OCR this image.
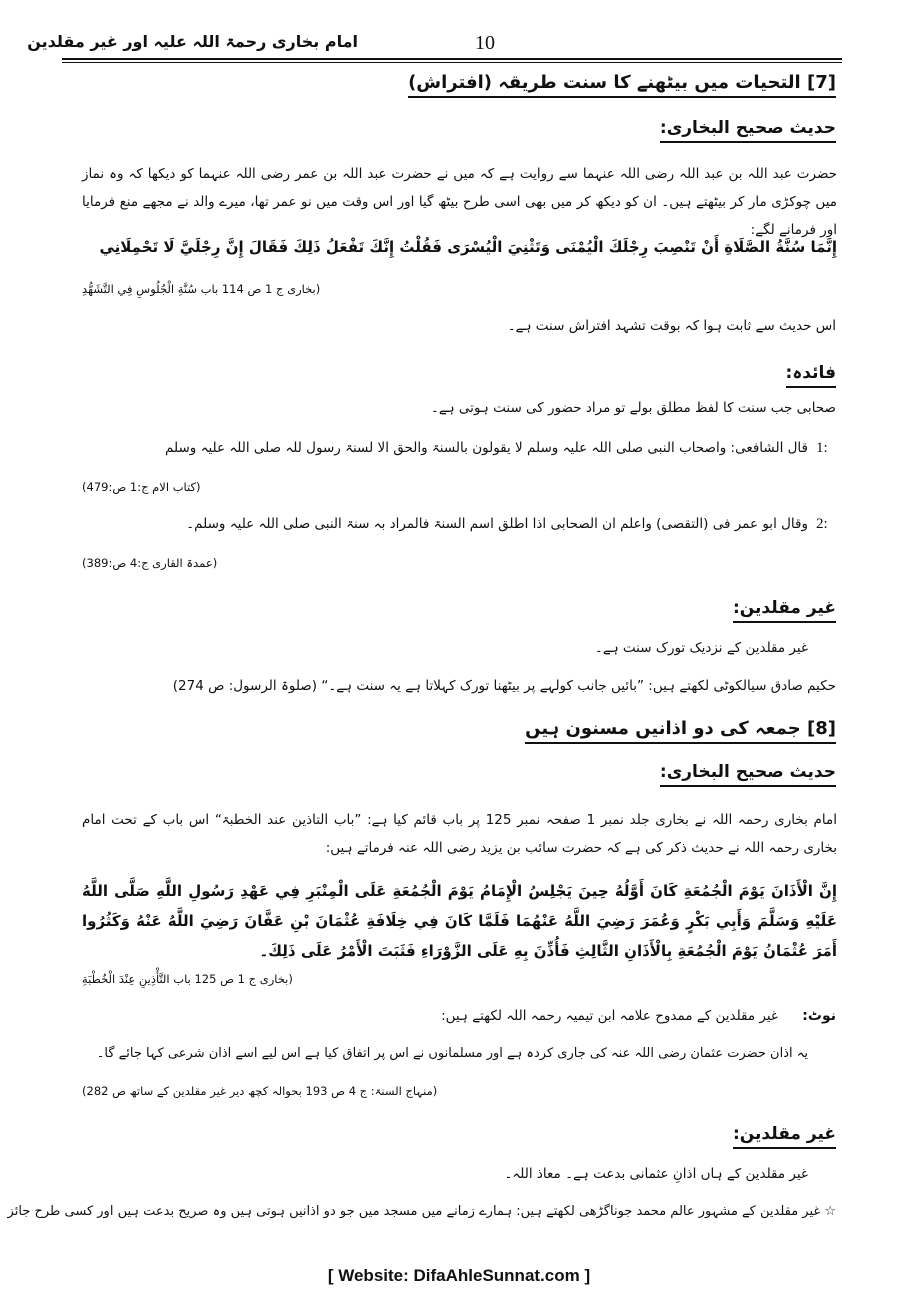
امام بخاری رحمۃ اللہ علیہ اور غیر مقلدین	10
[7] التحیات میں بیٹھنے کا سنت طریقہ (افتراش)
حدیث صحیح البخاری:
حضرت عبد اللہ بن عبد اللہ رضی اللہ عنہما سے روایت ہے کہ میں نے حضرت عبد اللہ بن عمر رضی اللہ عنہما کو دیکھا کہ وہ نماز میں چوکڑی مار کر بیٹھتے ہیں۔ ان کو دیکھ کر میں بھی اسی طرح بیٹھ گیا اور اس وقت میں نو عمر تھا، میرے والد نے مجھے منع فرمایا اور فرمانے لگے:
إِنَّمَا سُنَّةُ الصَّلَاةِ أَنْ تَنْصِبَ رِجْلَكَ الْيُمْنَى وَتَثْنِيَ الْيُسْرَى فَقُلْتُ إِنَّكَ تَفْعَلُ ذَلِكَ فَقَالَ إِنَّ رِجْلَيَّ لَا تَحْمِلَانِي
(بخاری ج 1 ص 114 باب سُنَّةِ الْجُلُوسِ فِي التَّشَهُّدِ
اس حدیث سے ثابت ہوا کہ بوقت تشہد افتراش سنت ہے۔
فائدہ:
صحابی جب سنت کا لفظ مطلق بولے تو مراد حضور کی سنت ہوتی ہے۔
1:
قال الشافعی: واصحاب النبی صلی اللہ علیہ وسلم لا یقولون بالسنۃ والحق الا لسنۃ رسول للہ صلی اللہ علیہ وسلم
(کتاب الام ج:1 ص:479)
2:
وقال ابو عمر فی (التقصی) واعلم ان الصحابی اذا اطلق اسم السنۃ فالمراد بہ سنۃ النبی صلی اللہ علیہ وسلم۔
(عمدۃ القاری ج:4 ص:389)
غیر مقلدین:
غیر مقلدین کے نزدیک تورک سنت ہے۔
حکیم صادق سیالکوٹی لکھتے ہیں: ”بائیں جانب کولہے پر بیٹھنا تورک کہلاتا ہے یہ سنت ہے۔“ (صلوۃ الرسول: ص 274)
[8] جمعہ کی دو اذانیں مسنون ہیں
حدیث صحیح البخاری:
امام بخاری رحمہ اللہ نے بخاری جلد نمبر 1 صفحہ نمبر 125 پر باب قائم کیا ہے: ”باب التاذین عند الخطبۃ“ اس باب کے تحت امام بخاری رحمہ اللہ نے حدیث ذکر کی ہے کہ حضرت سائب بن یزید رضی اللہ عنہ فرماتے ہیں:
إِنَّ الْأَذَانَ يَوْمَ الْجُمُعَةِ كَانَ أَوَّلُهُ حِينَ يَجْلِسُ الْإِمَامُ يَوْمَ الْجُمُعَةِ عَلَى الْمِنْبَرِ فِي عَهْدِ رَسُولِ اللَّهِ صَلَّى اللَّهُ عَلَيْهِ وَسَلَّمَ وَأَبِي بَكْرٍ وَعُمَرَ رَضِيَ اللَّهُ عَنْهُمَا فَلَمَّا كَانَ فِي خِلَافَةِ عُثْمَانَ بْنِ عَفَّانَ رَضِيَ اللَّهُ عَنْهُ وَكَثُرُوا أَمَرَ عُثْمَانُ يَوْمَ الْجُمُعَةِ بِالْأَذَانِ الثَّالِثِ فَأُذِّنَ بِهِ عَلَى الزَّوْرَاءِ فَثَبَتَ الْأَمْرُ عَلَى ذَلِكَ۔
(بخاری ج 1 ص 125 باب التَّأْذِينِ عِنْدَ الْخُطْبَةِ
نوٹ:
غیر مقلدین کے ممدوح علامہ ابن تیمیہ رحمہ اللہ لکھتے ہیں:
یہ اذان حضرت عثمان رضی اللہ عنہ کی جاری کردہ ہے اور مسلمانوں نے اس پر اتفاق کیا ہے اس لیے اسے اذان شرعی کہا جائے گا۔
(منہاج السنۃ: ج 4 ص 193 بحوالہ کچھ دیر غیر مقلدین کے ساتھ ص 282)
غیر مقلدین:
غیر مقلدین کے ہاں اذانِ عثمانی بدعت ہے۔ معاذ اللہ۔
☆ غیر مقلدین کے مشہور عالم محمد جوناگڑھی لکھتے ہیں: ہمارے زمانے میں مسجد میں جو دو اذانیں ہوتی ہیں وہ صریح بدعت ہیں اور کسی طرح جائز
[ Website: DifaAhleSunnat.com ]
